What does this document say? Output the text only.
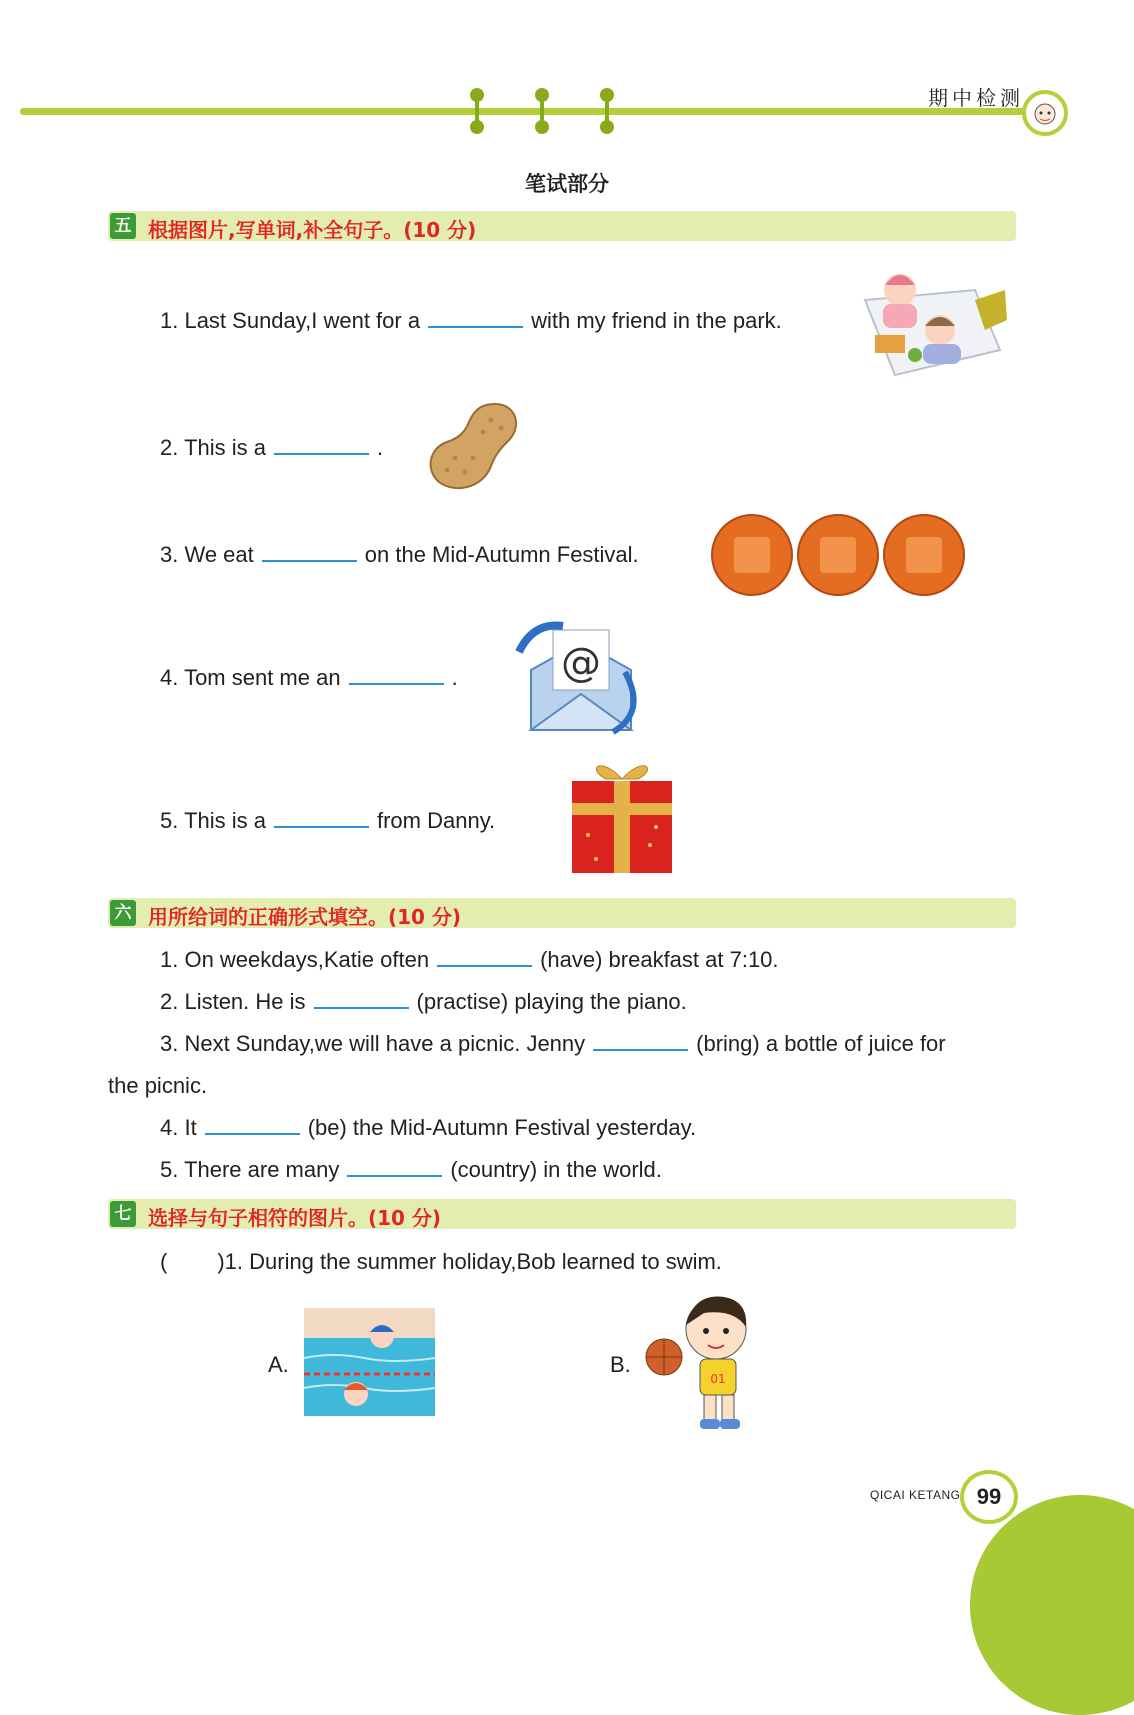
期中检测
笔试部分
五 根据图片,写单词,补全句子。(10 分)
1. Last Sunday,I went for a	with my friend in the park.
2. This is a	.
3. We eat	on the Mid-Autumn Festival.
4. Tom sent me an	.	@
5. This is a	from Danny.
六 用所给词的正确形式填空。(10 分)
1. On weekdays,Katie often	(have) breakfast at 7:10.
2. Listen. He is	(practise) playing the piano.
3. Next Sunday,we will have a picnic. Jenny	(bring) a bottle of juice for
the picnic.
4. It	(be) the Mid-Autumn Festival yesterday.
5. There are many	(country) in the world.
七 选择与句子相符的图片。(10 分)
( )1. During the summer holiday,Bob learned to swim.
A.	B.
01
QICAI KETANG 99
